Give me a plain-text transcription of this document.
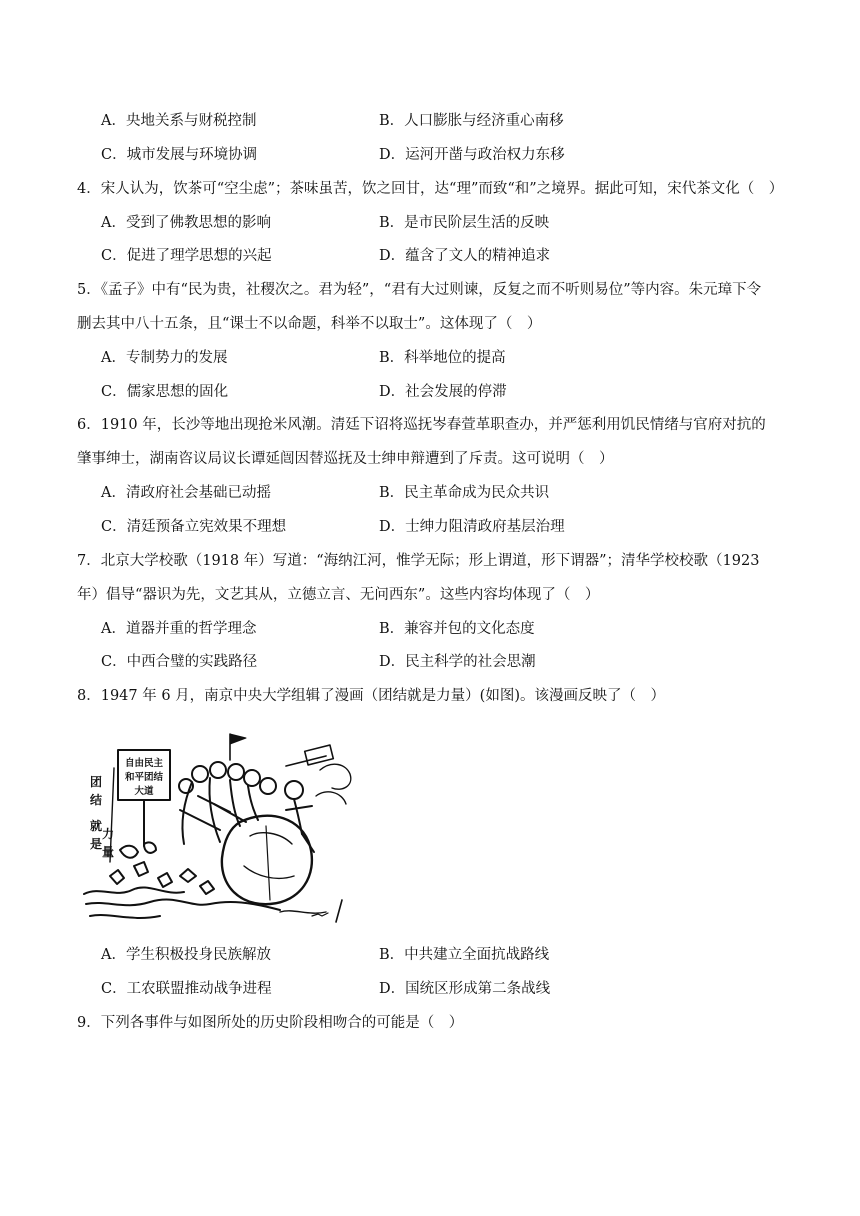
A．央地关系与财税控制	B．人口膨胀与经济重心南移
C．城市发展与环境协调	D．运河开凿与政治权力东移
4．宋人认为，饮茶可“空尘虑”；茶味虽苦，饮之回甘，达“理”而致“和”之境界。据此可知，宋代茶文化（　）
A．受到了佛教思想的影响	B．是市民阶层生活的反映
C．促进了理学思想的兴起	D．蕴含了文人的精神追求
5．《孟子》中有“民为贵，社稷次之。君为轻”，“君有大过则谏，反复之而不听则易位”等内容。朱元璋下令
删去其中八十五条，且“课士不以命题，科举不以取士”。这体现了（　）
A．专制势力的发展	B．科举地位的提高
C．儒家思想的固化	D．社会发展的停滞
6．1910 年，长沙等地出现抢米风潮。清廷下诏将巡抚岑春萱革职查办，并严惩利用饥民情绪与官府对抗的
肇事绅士，湖南咨议局议长谭延闿因替巡抚及士绅申辩遭到了斥责。这可说明（　）
A．清政府社会基础已动摇	B．民主革命成为民众共识
C．清廷预备立宪效果不理想	D．士绅力阻清政府基层治理
7．北京大学校歌（1918 年）写道：“海纳江河，惟学无际；形上谓道，形下谓器”；清华学校校歌（1923
年）倡导“器识为先，文艺其从，立德立言、无问西东”。这些内容均体现了（　）
A．道器并重的哲学理念	B．兼容并包的文化态度
C．中西合璧的实践路径	D．民主科学的社会思潮
8．1947 年 6 月，南京中央大学组辑了漫画（团结就是力量）(如图)。该漫画反映了（　）
自由民主
和平团结
大道
团
结
就
是
力
量
A．学生积极投身民族解放	B．中共建立全面抗战路线
C．工农联盟推动战争进程	D．国统区形成第二条战线
9．下列各事件与如图所处的历史阶段相吻合的可能是（　）
